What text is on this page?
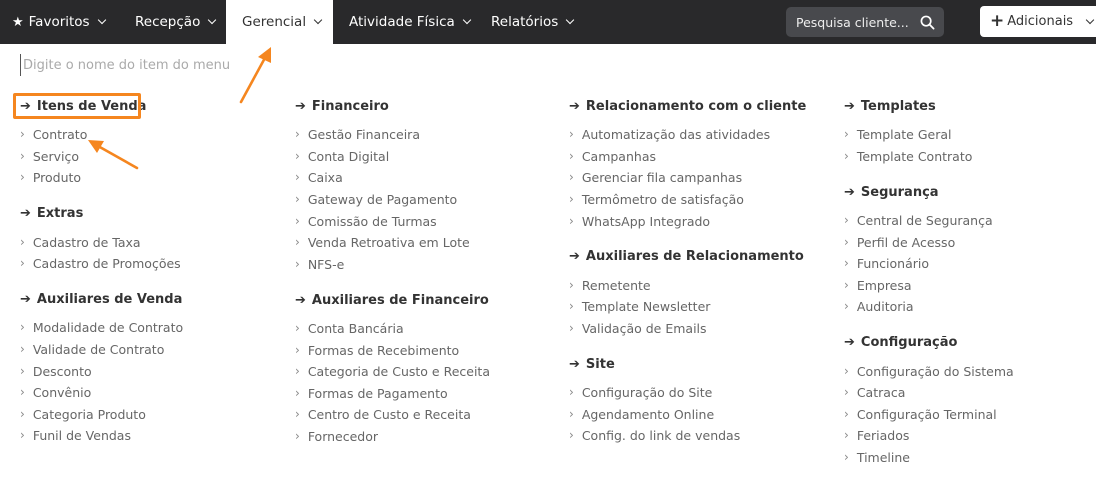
★ Favoritos	Recepção	Gerencial	Atividade Física	Relatórios	Pesquisa cliente...	+ Adicionais
Digite o nome do item do menu
➔ Itens de Venda
› Contrato
› Serviço
› Produto
➔ Extras
› Cadastro de Taxa
› Cadastro de Promoções
➔ Auxiliares de Venda
› Modalidade de Contrato
› Validade de Contrato
› Desconto
› Convênio
› Categoria Produto
› Funil de Vendas
➔ Financeiro
› Gestão Financeira
› Conta Digital
› Caixa
› Gateway de Pagamento
› Comissão de Turmas
› Venda Retroativa em Lote
› NFS-e
➔ Auxiliares de Financeiro
› Conta Bancária
› Formas de Recebimento
› Categoria de Custo e Receita
› Formas de Pagamento
› Centro de Custo e Receita
› Fornecedor
➔ Relacionamento com o cliente
› Automatização das atividades
› Campanhas
› Gerenciar fila campanhas
› Termômetro de satisfação
› WhatsApp Integrado
➔ Auxiliares de Relacionamento
› Remetente
› Template Newsletter
› Validação de Emails
➔ Site
› Configuração do Site
› Agendamento Online
› Config. do link de vendas
➔ Templates
› Template Geral
› Template Contrato
➔ Segurança
› Central de Segurança
› Perfil de Acesso
› Funcionário
› Empresa
› Auditoria
➔ Configuração
› Configuração do Sistema
› Catraca
› Configuração Terminal
› Feriados
› Timeline
